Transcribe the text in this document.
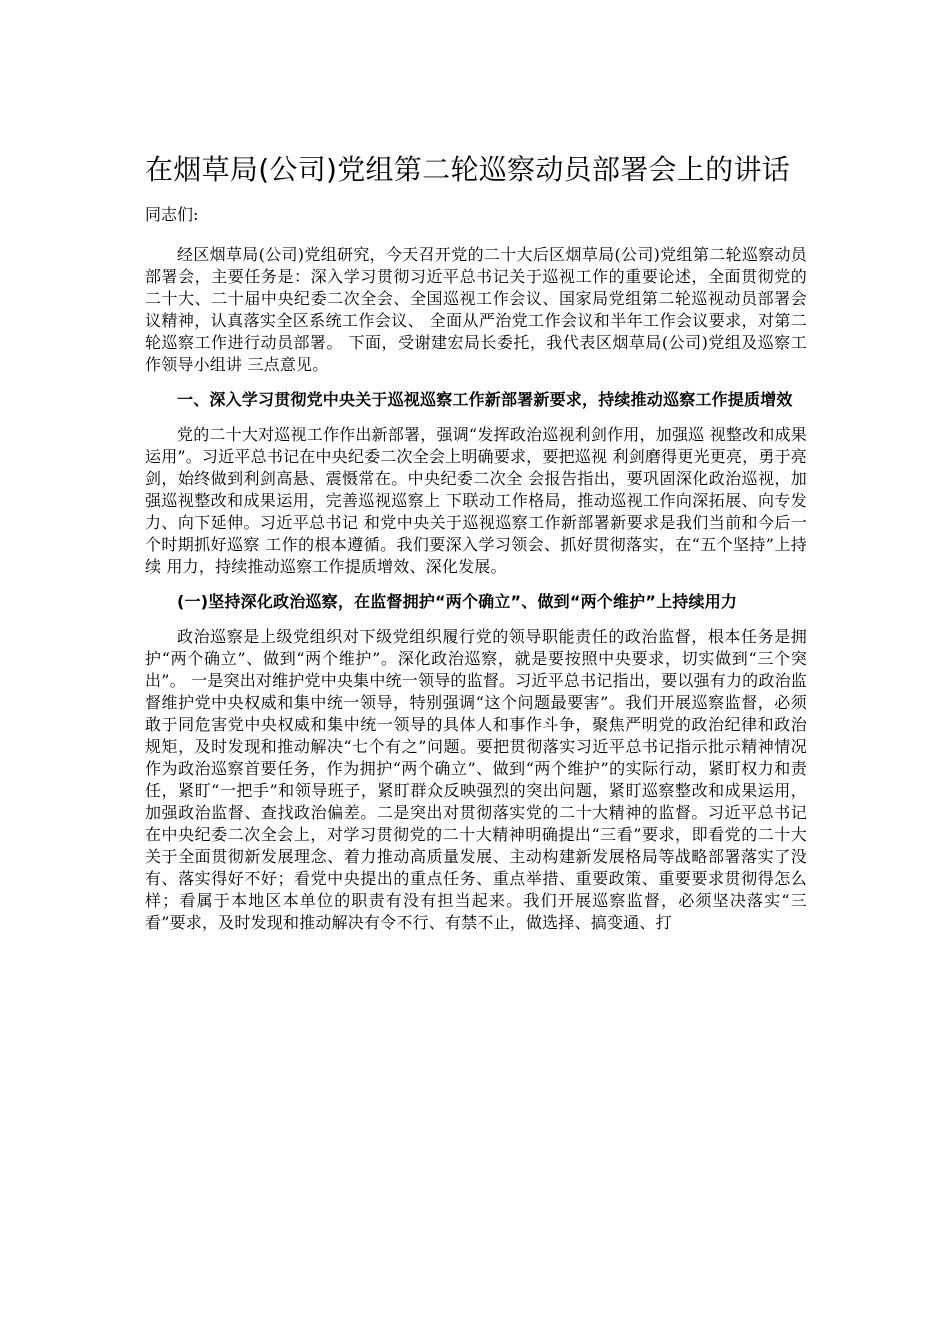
在烟草局(公司)党组第二轮巡察动员部署会上的讲话

同志们:

经区烟草局(公司)党组研究，今天召开党的二十大后区烟草局(公司)党组第二轮巡察动员部署会，主要任务是：深入学习贯彻习近平总书记关于巡视工作的重要论述，全面贯彻党的二十大、二十届中央纪委二次全会、全国巡视工作会议、国家局党组第二轮巡视动员部署会议精神，认真落实全区系统工作会议、 全面从严治党工作会议和半年工作会议要求，对第二轮巡察工作进行动员部署。 下面，受谢建宏局长委托，我代表区烟草局(公司)党组及巡察工作领导小组讲 三点意见。

一、深入学习贯彻党中央关于巡视巡察工作新部署新要求，持续推动巡察工作提质增效

党的二十大对巡视工作作出新部署，强调“发挥政治巡视利剑作用，加强巡 视整改和成果运用”。习近平总书记在中央纪委二次全会上明确要求，要把巡视 利剑磨得更光更亮，勇于亮剑，始终做到利剑高悬、震慑常在。中央纪委二次全 会报告指出，要巩固深化政治巡视，加强巡视整改和成果运用，完善巡视巡察上 下联动工作格局，推动巡视工作向深拓展、向专发力、向下延伸。习近平总书记 和党中央关于巡视巡察工作新部署新要求是我们当前和今后一个时期抓好巡察 工作的根本遵循。我们要深入学习领会、抓好贯彻落实，在“五个坚持”上持续 用力，持续推动巡察工作提质增效、深化发展。

(一)坚持深化政治巡察，在监督拥护“两个确立”、做到“两个维护”上持续用力

政治巡察是上级党组织对下级党组织履行党的领导职能责任的政治监督，根本任务是拥护“两个确立”、做到“两个维护”。深化政治巡察，就是要按照中央要求，切实做到“三个突出”。 一是突出对维护党中央集中统一领导的监督。习近平总书记指出，要以强有力的政治监督维护党中央权威和集中统一领导，特别强调“这个问题最要害”。我们开展巡察监督，必须敢于同危害党中央权威和集中统一领导的具体人和事作斗争，聚焦严明党的政治纪律和政治规矩，及时发现和推动解决“七个有之”问题。要把贯彻落实习近平总书记指示批示精神情况作为政治巡察首要任务，作为拥护“两个确立”、做到“两个维护”的实际行动，紧盯权力和责任，紧盯“一把手”和领导班子，紧盯群众反映强烈的突出问题，紧盯巡察整改和成果运用，加强政治监督、查找政治偏差。二是突出对贯彻落实党的二十大精神的监督。习近平总书记在中央纪委二次全会上，对学习贯彻党的二十大精神明确提出“三看”要求，即看党的二十大关于全面贯彻新发展理念、着力推动高质量发展、主动构建新发展格局等战略部署落实了没有、落实得好不好；看党中央提出的重点任务、重点举措、重要政策、重要要求贯彻得怎么样；看属于本地区本单位的职责有没有担当起来。我们开展巡察监督，必须坚决落实“三看”要求，及时发现和推动解决有令不行、有禁不止，做选择、搞变通、打
